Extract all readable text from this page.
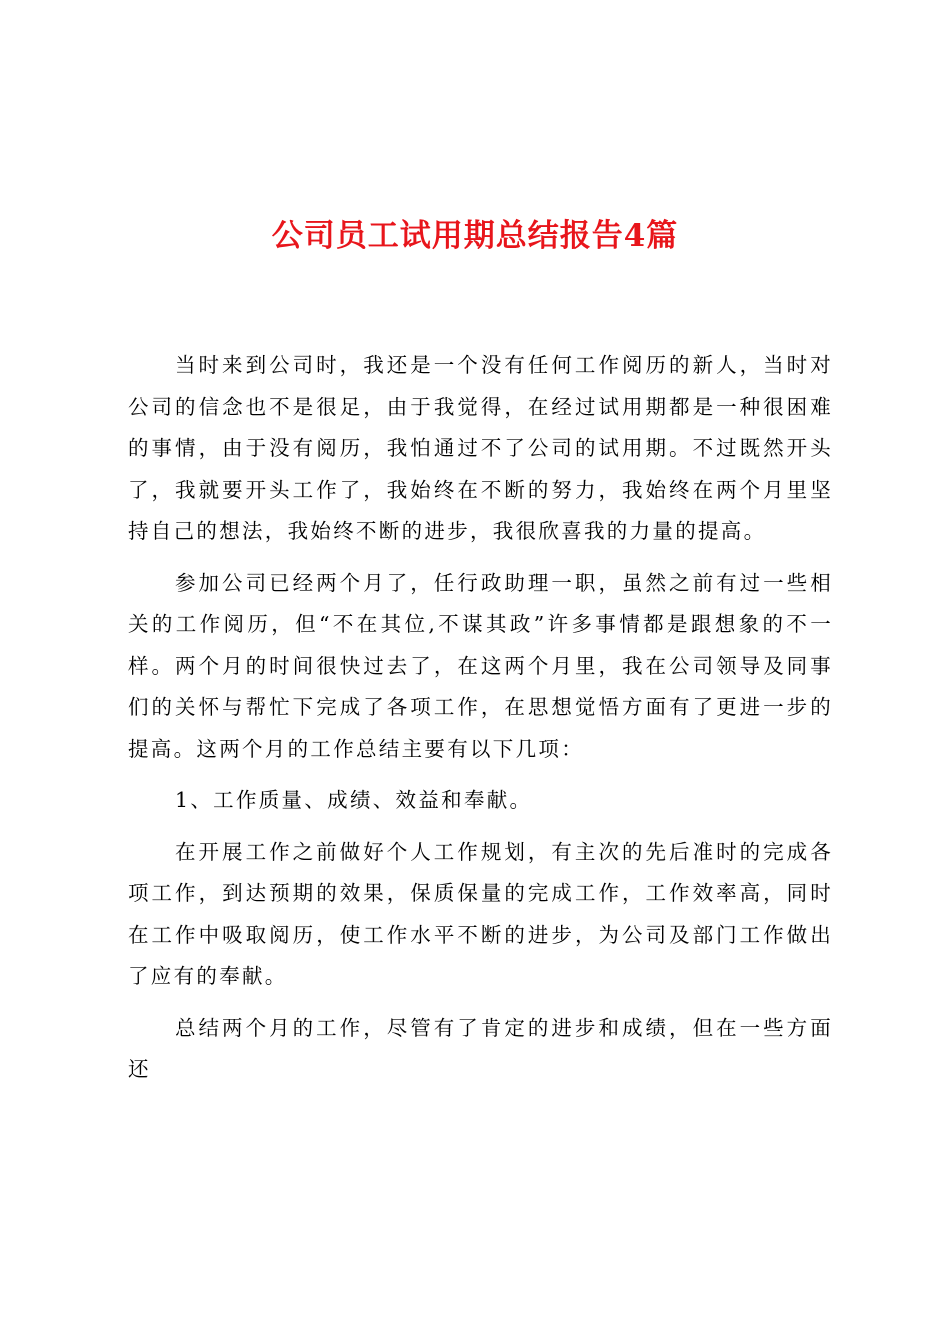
公司员工试用期总结报告4篇

当时来到公司时，我还是一个没有任何工作阅历的新人，当时对公司的信念也不是很足，由于我觉得，在经过试用期都是一种很困难的事情，由于没有阅历，我怕通过不了公司的试用期。不过既然开头了，我就要开头工作了，我始终在不断的努力，我始终在两个月里坚持自己的想法，我始终不断的进步，我很欣喜我的力量的提高。

参加公司已经两个月了，任行政助理一职，虽然之前有过一些相关的工作阅历，但“不在其位,不谋其政”许多事情都是跟想象的不一样。两个月的时间很快过去了，在这两个月里，我在公司领导及同事们的关怀与帮忙下完成了各项工作，在思想觉悟方面有了更进一步的提高。这两个月的工作总结主要有以下几项：

1、工作质量、成绩、效益和奉献。

在开展工作之前做好个人工作规划，有主次的先后准时的完成各项工作，到达预期的效果，保质保量的完成工作，工作效率高，同时在工作中吸取阅历，使工作水平不断的进步，为公司及部门工作做出了应有的奉献。

总结两个月的工作，尽管有了肯定的进步和成绩，但在一些方面还
